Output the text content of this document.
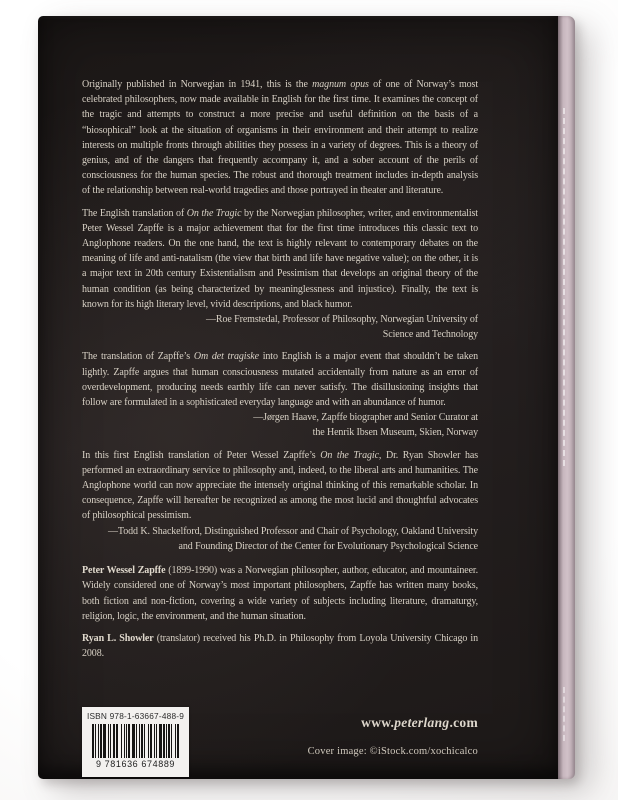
Originally published in Norwegian in 1941, this is the magnum opus of one of Norway’s most celebrated philosophers, now made available in English for the first time. It examines the concept of the tragic and attempts to construct a more precise and useful definition on the basis of a “biosophical” look at the situation of organisms in their environment and their attempt to realize interests on multiple fronts through abilities they possess in a variety of degrees. This is a theory of genius, and of the dangers that frequently accompany it, and a sober account of the perils of consciousness for the human species. The robust and thorough treatment includes in-depth analysis of the relationship between real-world tragedies and those portrayed in theater and literature.

The English translation of On the Tragic by the Norwegian philosopher, writer, and environmentalist Peter Wessel Zapffe is a major achievement that for the first time introduces this classic text to Anglophone readers. On the one hand, the text is highly relevant to contemporary debates on the meaning of life and anti-natalism (the view that birth and life have negative value); on the other, it is a major text in 20th century Existentialism and Pessimism that develops an original theory of the human condition (as being characterized by meaninglessness and injustice). Finally, the text is known for its high literary level, vivid descriptions, and black humor.

—Roe Fremstedal, Professor of Philosophy, Norwegian University of
Science and Technology

The translation of Zapffe’s Om det tragiske into English is a major event that shouldn’t be taken lightly. Zapffe argues that human consciousness mutated accidentally from nature as an error of overdevelopment, producing needs earthly life can never satisfy. The disillusioning insights that follow are formulated in a sophisticated everyday language and with an abundance of humor.

—Jørgen Haave, Zapffe biographer and Senior Curator at
the Henrik Ibsen Museum, Skien, Norway

In this first English translation of Peter Wessel Zapffe’s On the Tragic, Dr. Ryan Showler has performed an extraordinary service to philosophy and, indeed, to the liberal arts and humanities. The Anglophone world can now appreciate the intensely original thinking of this remarkable scholar. In consequence, Zapffe will hereafter be recognized as among the most lucid and thoughtful advocates of philosophical pessimism.

—Todd K. Shackelford, Distinguished Professor and Chair of Psychology, Oakland University
and Founding Director of the Center for Evolutionary Psychological Science

Peter Wessel Zapffe (1899-1990) was a Norwegian philosopher, author, educator, and mountaineer. Widely considered one of Norway’s most important philosophers, Zapffe has written many books, both fiction and non-fiction, covering a wide variety of subjects including literature, dramaturgy, religion, logic, the environment, and the human situation.

Ryan L. Showler (translator) received his Ph.D. in Philosophy from Loyola University Chicago in 2008.

ISBN 978-1-63667-488-9
9 781636 674889
www.peterlang.com
Cover image: ©iStock.com/xochicalco
